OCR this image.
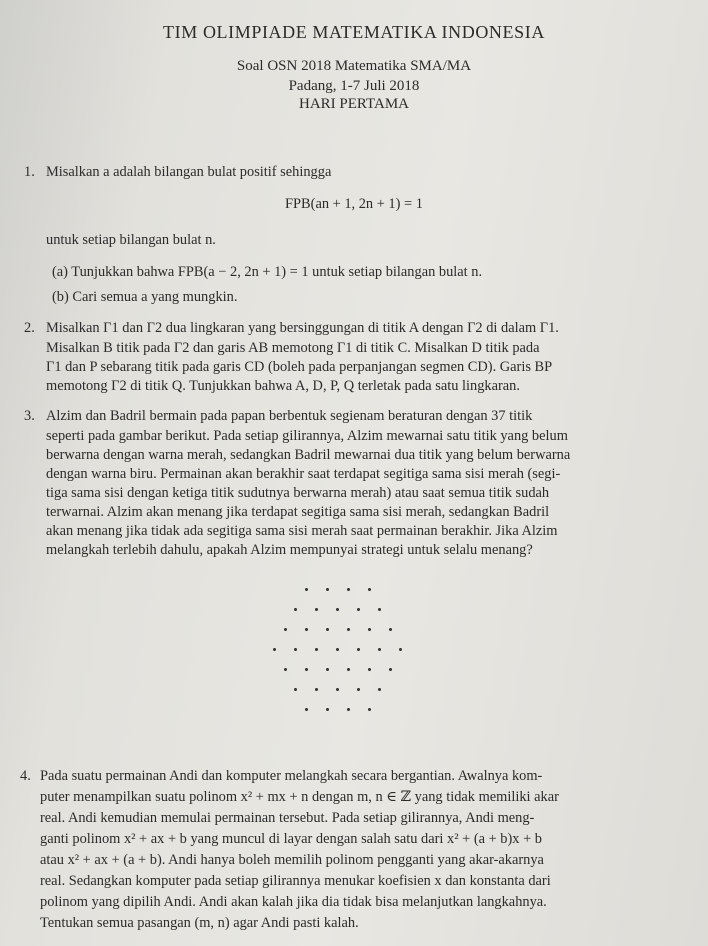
TIM OLIMPIADE MATEMATIKA INDONESIA
Soal OSN 2018 Matematika SMA/MA
Padang, 1-7 Juli 2018
HARI PERTAMA
1. Misalkan a adalah bilangan bulat positif sehingga
FPB(an + 1, 2n + 1) = 1
untuk setiap bilangan bulat n.
(a) Tunjukkan bahwa FPB(a − 2, 2n + 1) = 1 untuk setiap bilangan bulat n.
(b) Cari semua a yang mungkin.
2. Misalkan Γ1 dan Γ2 dua lingkaran yang bersinggungan di titik A dengan Γ2 di dalam Γ1.
Misalkan B titik pada Γ2 dan garis AB memotong Γ1 di titik C. Misalkan D titik pada
Γ1 dan P sebarang titik pada garis CD (boleh pada perpanjangan segmen CD). Garis BP
memotong Γ2 di titik Q. Tunjukkan bahwa A, D, P, Q terletak pada satu lingkaran.
3. Alzim dan Badril bermain pada papan berbentuk segienam beraturan dengan 37 titik
seperti pada gambar berikut. Pada setiap gilirannya, Alzim mewarnai satu titik yang belum
berwarna dengan warna merah, sedangkan Badril mewarnai dua titik yang belum berwarna
dengan warna biru. Permainan akan berakhir saat terdapat segitiga sama sisi merah (segi-
tiga sama sisi dengan ketiga titik sudutnya berwarna merah) atau saat semua titik sudah
terwarnai. Alzim akan menang jika terdapat segitiga sama sisi merah, sedangkan Badril
akan menang jika tidak ada segitiga sama sisi merah saat permainan berakhir. Jika Alzim
melangkah terlebih dahulu, apakah Alzim mempunyai strategi untuk selalu menang?
4. Pada suatu permainan Andi dan komputer melangkah secara bergantian. Awalnya kom-
puter menampilkan suatu polinom x² + mx + n dengan m, n ∈ ℤ yang tidak memiliki akar
real. Andi kemudian memulai permainan tersebut. Pada setiap gilirannya, Andi meng-
ganti polinom x² + ax + b yang muncul di layar dengan salah satu dari x² + (a + b)x + b
atau x² + ax + (a + b). Andi hanya boleh memilih polinom pengganti yang akar-akarnya
real. Sedangkan komputer pada setiap gilirannya menukar koefisien x dan konstanta dari
polinom yang dipilih Andi. Andi akan kalah jika dia tidak bisa melanjutkan langkahnya.
Tentukan semua pasangan (m, n) agar Andi pasti kalah.
